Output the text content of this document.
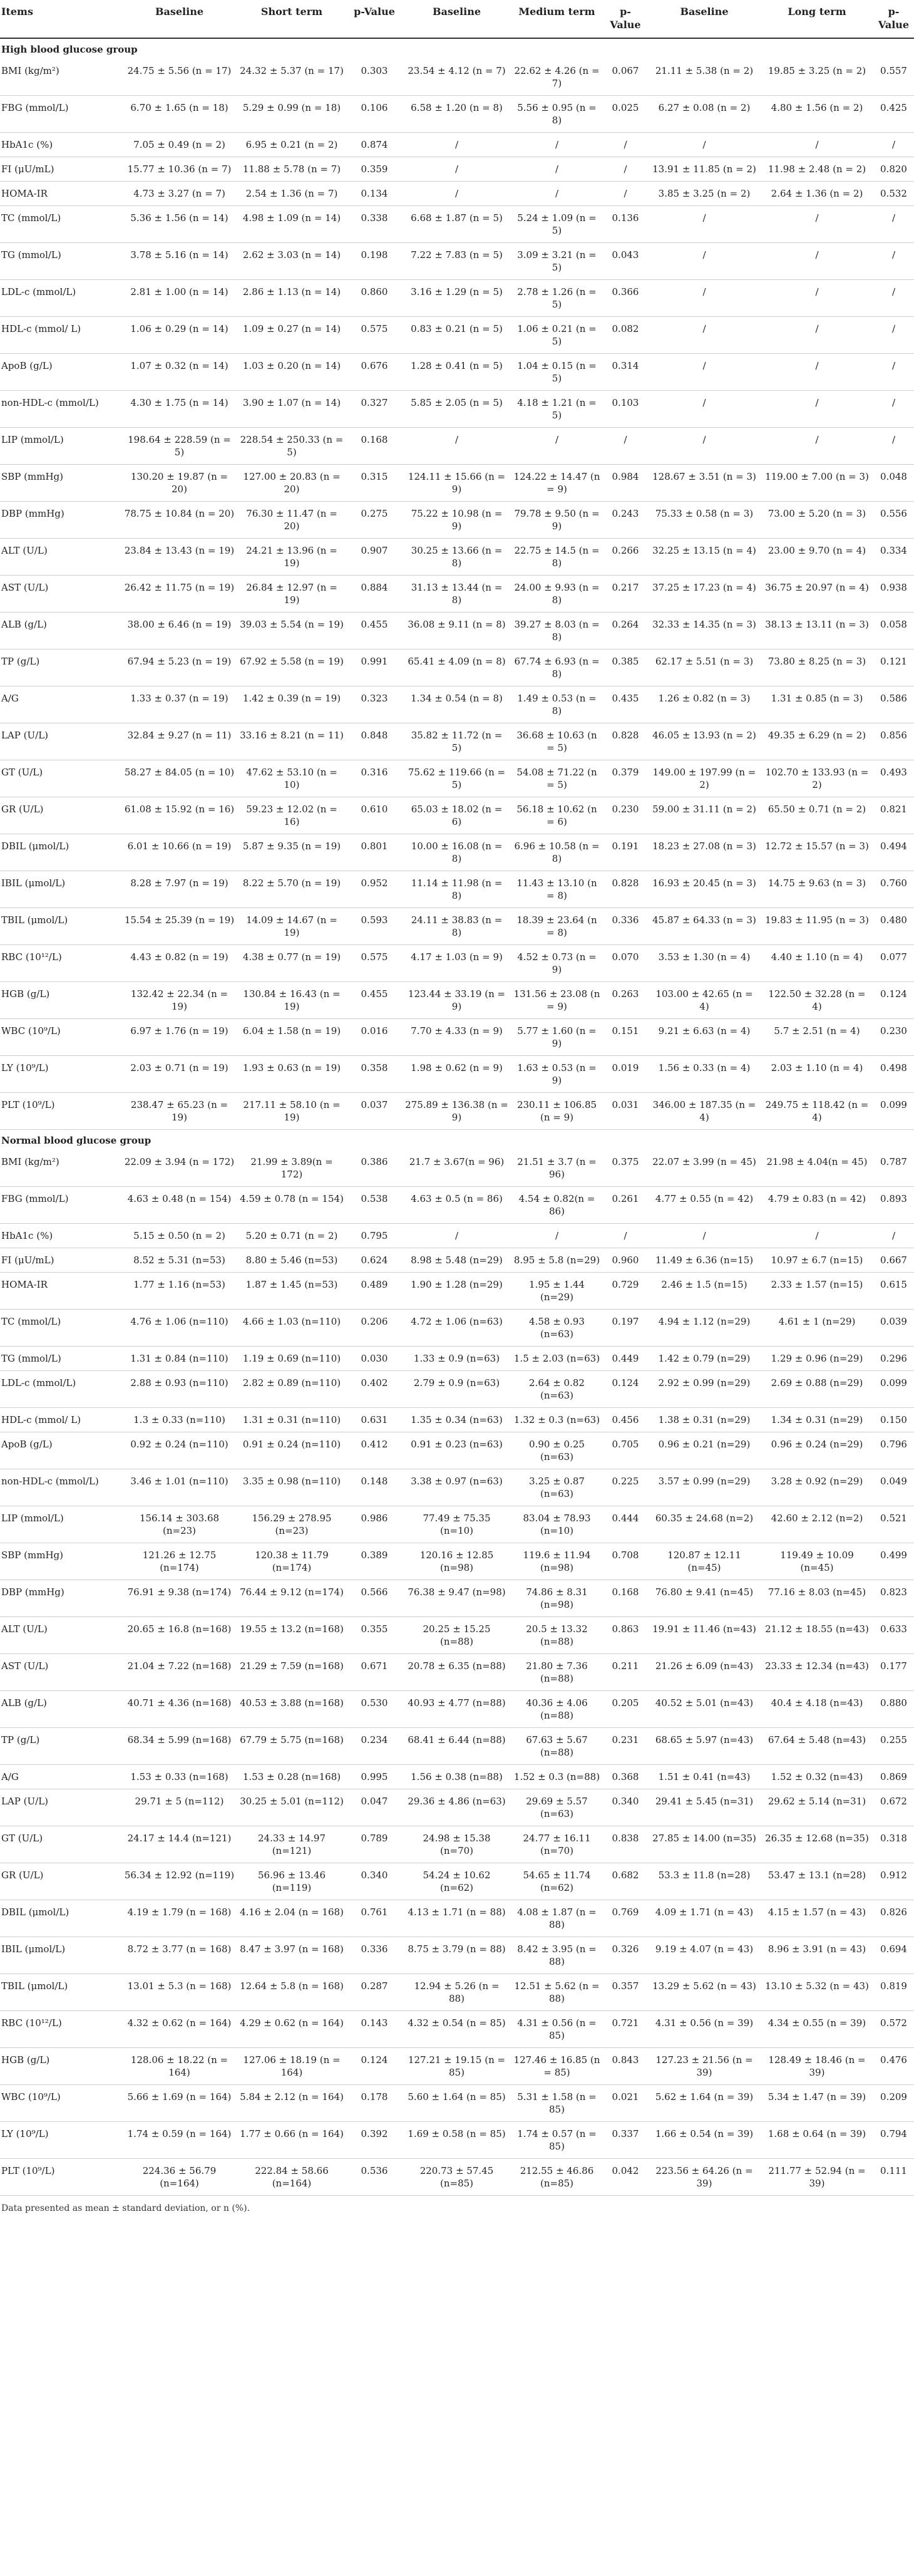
Items	Baseline	Short term	p-Value	Baseline	Medium term	p-Value	Baseline	Long term	p-Value
High blood glucose group									
BMI (kg/m²)	24.75 ± 5.56 (n = 17)	24.32 ± 5.37 (n = 17)	0.303	23.54 ± 4.12 (n = 7)	22.62 ± 4.26 (n = 7)	0.067	21.11 ± 5.38 (n = 2)	19.85 ± 3.25 (n = 2)	0.557
FBG (mmol/L)	6.70 ± 1.65 (n = 18)	5.29 ± 0.99 (n = 18)	0.106	6.58 ± 1.20 (n = 8)	5.56 ± 0.95 (n = 8)	0.025	6.27 ± 0.08 (n = 2)	4.80 ± 1.56 (n = 2)	0.425
HbA1c (%)	7.05 ± 0.49 (n = 2)	6.95 ± 0.21 (n = 2)	0.874	/	/	/	/	/	/
FI (μU/mL)	15.77 ± 10.36 (n = 7)	11.88 ± 5.78 (n = 7)	0.359	/	/	/	13.91 ± 11.85 (n = 2)	11.98 ± 2.48 (n = 2)	0.820
HOMA-IR	4.73 ± 3.27 (n = 7)	2.54 ± 1.36 (n = 7)	0.134	/	/	/	3.85 ± 3.25 (n = 2)	2.64 ± 1.36 (n = 2)	0.532
TC (mmol/L)	5.36 ± 1.56 (n = 14)	4.98 ± 1.09 (n = 14)	0.338	6.68 ± 1.87 (n = 5)	5.24 ± 1.09 (n = 5)	0.136	/	/	/
TG (mmol/L)	3.78 ± 5.16 (n = 14)	2.62 ± 3.03 (n = 14)	0.198	7.22 ± 7.83 (n = 5)	3.09 ± 3.21 (n = 5)	0.043	/	/	/
LDL-c (mmol/L)	2.81 ± 1.00 (n = 14)	2.86 ± 1.13 (n = 14)	0.860	3.16 ± 1.29 (n = 5)	2.78 ± 1.26 (n = 5)	0.366	/	/	/
HDL-c (mmol/ L)	1.06 ± 0.29 (n = 14)	1.09 ± 0.27 (n = 14)	0.575	0.83 ± 0.21 (n = 5)	1.06 ± 0.21 (n = 5)	0.082	/	/	/
ApoB (g/L)	1.07 ± 0.32 (n = 14)	1.03 ± 0.20 (n = 14)	0.676	1.28 ± 0.41 (n = 5)	1.04 ± 0.15 (n = 5)	0.314	/	/	/
non-HDL-c (mmol/L)	4.30 ± 1.75 (n = 14)	3.90 ± 1.07 (n = 14)	0.327	5.85 ± 2.05 (n = 5)	4.18 ± 1.21 (n = 5)	0.103	/	/	/
LIP (mmol/L)	198.64 ± 228.59 (n = 5)	228.54 ± 250.33 (n = 5)	0.168	/	/	/	/	/	/
SBP (mmHg)	130.20 ± 19.87 (n = 20)	127.00 ± 20.83 (n = 20)	0.315	124.11 ± 15.66 (n = 9)	124.22 ± 14.47 (n = 9)	0.984	128.67 ± 3.51 (n = 3)	119.00 ± 7.00 (n = 3)	0.048
DBP (mmHg)	78.75 ± 10.84 (n = 20)	76.30 ± 11.47 (n = 20)	0.275	75.22 ± 10.98 (n = 9)	79.78 ± 9.50 (n = 9)	0.243	75.33 ± 0.58 (n = 3)	73.00 ± 5.20 (n = 3)	0.556
ALT (U/L)	23.84 ± 13.43 (n = 19)	24.21 ± 13.96 (n = 19)	0.907	30.25 ± 13.66 (n = 8)	22.75 ± 14.5 (n = 8)	0.266	32.25 ± 13.15 (n = 4)	23.00 ± 9.70 (n = 4)	0.334
AST (U/L)	26.42 ± 11.75 (n = 19)	26.84 ± 12.97 (n = 19)	0.884	31.13 ± 13.44 (n = 8)	24.00 ± 9.93 (n = 8)	0.217	37.25 ± 17.23 (n = 4)	36.75 ± 20.97 (n = 4)	0.938
ALB (g/L)	38.00 ± 6.46 (n = 19)	39.03 ± 5.54 (n = 19)	0.455	36.08 ± 9.11 (n = 8)	39.27 ± 8.03 (n = 8)	0.264	32.33 ± 14.35 (n = 3)	38.13 ± 13.11 (n = 3)	0.058
TP (g/L)	67.94 ± 5.23 (n = 19)	67.92 ± 5.58 (n = 19)	0.991	65.41 ± 4.09 (n = 8)	67.74 ± 6.93 (n = 8)	0.385	62.17 ± 5.51 (n = 3)	73.80 ± 8.25 (n = 3)	0.121
A/G	1.33 ± 0.37 (n = 19)	1.42 ± 0.39 (n = 19)	0.323	1.34 ± 0.54 (n = 8)	1.49 ± 0.53 (n = 8)	0.435	1.26 ± 0.82 (n = 3)	1.31 ± 0.85 (n = 3)	0.586
LAP (U/L)	32.84 ± 9.27 (n = 11)	33.16 ± 8.21 (n = 11)	0.848	35.82 ± 11.72 (n = 5)	36.68 ± 10.63 (n = 5)	0.828	46.05 ± 13.93 (n = 2)	49.35 ± 6.29 (n = 2)	0.856
GT (U/L)	58.27 ± 84.05 (n = 10)	47.62 ± 53.10 (n = 10)	0.316	75.62 ± 119.66 (n = 5)	54.08 ± 71.22 (n = 5)	0.379	149.00 ± 197.99 (n = 2)	102.70 ± 133.93 (n = 2)	0.493
GR (U/L)	61.08 ± 15.92 (n = 16)	59.23 ± 12.02 (n = 16)	0.610	65.03 ± 18.02 (n = 6)	56.18 ± 10.62 (n = 6)	0.230	59.00 ± 31.11 (n = 2)	65.50 ± 0.71 (n = 2)	0.821
DBIL (μmol/L)	6.01 ± 10.66 (n = 19)	5.87 ± 9.35 (n = 19)	0.801	10.00 ± 16.08 (n = 8)	6.96 ± 10.58 (n = 8)	0.191	18.23 ± 27.08 (n = 3)	12.72 ± 15.57 (n = 3)	0.494
IBIL (μmol/L)	8.28 ± 7.97 (n = 19)	8.22 ± 5.70 (n = 19)	0.952	11.14 ± 11.98 (n = 8)	11.43 ± 13.10 (n = 8)	0.828	16.93 ± 20.45 (n = 3)	14.75 ± 9.63 (n = 3)	0.760
TBIL (μmol/L)	15.54 ± 25.39 (n = 19)	14.09 ± 14.67 (n = 19)	0.593	24.11 ± 38.83 (n = 8)	18.39 ± 23.64 (n = 8)	0.336	45.87 ± 64.33 (n = 3)	19.83 ± 11.95 (n = 3)	0.480
RBC (10¹²/L)	4.43 ± 0.82 (n = 19)	4.38 ± 0.77 (n = 19)	0.575	4.17 ± 1.03 (n = 9)	4.52 ± 0.73 (n = 9)	0.070	3.53 ± 1.30 (n = 4)	4.40 ± 1.10 (n = 4)	0.077
HGB (g/L)	132.42 ± 22.34 (n = 19)	130.84 ± 16.43 (n = 19)	0.455	123.44 ± 33.19 (n = 9)	131.56 ± 23.08 (n = 9)	0.263	103.00 ± 42.65 (n = 4)	122.50 ± 32.28 (n = 4)	0.124
WBC (10⁹/L)	6.97 ± 1.76 (n = 19)	6.04 ± 1.58 (n = 19)	0.016	7.70 ± 4.33 (n = 9)	5.77 ± 1.60 (n = 9)	0.151	9.21 ± 6.63 (n = 4)	5.7 ± 2.51 (n = 4)	0.230
LY (10⁹/L)	2.03 ± 0.71 (n = 19)	1.93 ± 0.63 (n = 19)	0.358	1.98 ± 0.62 (n = 9)	1.63 ± 0.53 (n = 9)	0.019	1.56 ± 0.33 (n = 4)	2.03 ± 1.10 (n = 4)	0.498
PLT (10⁹/L)	238.47 ± 65.23 (n = 19)	217.11 ± 58.10 (n = 19)	0.037	275.89 ± 136.38 (n = 9)	230.11 ± 106.85 (n = 9)	0.031	346.00 ± 187.35 (n = 4)	249.75 ± 118.42 (n = 4)	0.099
Normal blood glucose group									
BMI (kg/m²)	22.09 ± 3.94 (n = 172)	21.99 ± 3.89(n = 172)	0.386	21.7 ± 3.67(n = 96)	21.51 ± 3.7 (n = 96)	0.375	22.07 ± 3.99 (n = 45)	21.98 ± 4.04(n = 45)	0.787
FBG (mmol/L)	4.63 ± 0.48 (n = 154)	4.59 ± 0.78 (n = 154)	0.538	4.63 ± 0.5 (n = 86)	4.54 ± 0.82(n = 86)	0.261	4.77 ± 0.55 (n = 42)	4.79 ± 0.83 (n = 42)	0.893
HbA1c (%)	5.15 ± 0.50 (n = 2)	5.20 ± 0.71 (n = 2)	0.795	/	/	/	/	/	/
FI (μU/mL)	8.52 ± 5.31 (n=53)	8.80 ± 5.46 (n=53)	0.624	8.98 ± 5.48 (n=29)	8.95 ± 5.8 (n=29)	0.960	11.49 ± 6.36 (n=15)	10.97 ± 6.7 (n=15)	0.667
HOMA-IR	1.77 ± 1.16 (n=53)	1.87 ± 1.45 (n=53)	0.489	1.90 ± 1.28 (n=29)	1.95 ± 1.44 (n=29)	0.729	2.46 ± 1.5 (n=15)	2.33 ± 1.57 (n=15)	0.615
TC (mmol/L)	4.76 ± 1.06 (n=110)	4.66 ± 1.03 (n=110)	0.206	4.72 ± 1.06 (n=63)	4.58 ± 0.93 (n=63)	0.197	4.94 ± 1.12 (n=29)	4.61 ± 1 (n=29)	0.039
TG (mmol/L)	1.31 ± 0.84 (n=110)	1.19 ± 0.69 (n=110)	0.030	1.33 ± 0.9 (n=63)	1.5 ± 2.03 (n=63)	0.449	1.42 ± 0.79 (n=29)	1.29 ± 0.96 (n=29)	0.296
LDL-c (mmol/L)	2.88 ± 0.93 (n=110)	2.82 ± 0.89 (n=110)	0.402	2.79 ± 0.9 (n=63)	2.64 ± 0.82 (n=63)	0.124	2.92 ± 0.99 (n=29)	2.69 ± 0.88 (n=29)	0.099
HDL-c (mmol/ L)	1.3 ± 0.33 (n=110)	1.31 ± 0.31 (n=110)	0.631	1.35 ± 0.34 (n=63)	1.32 ± 0.3 (n=63)	0.456	1.38 ± 0.31 (n=29)	1.34 ± 0.31 (n=29)	0.150
ApoB (g/L)	0.92 ± 0.24 (n=110)	0.91 ± 0.24 (n=110)	0.412	0.91 ± 0.23 (n=63)	0.90 ± 0.25 (n=63)	0.705	0.96 ± 0.21 (n=29)	0.96 ± 0.24 (n=29)	0.796
non-HDL-c (mmol/L)	3.46 ± 1.01 (n=110)	3.35 ± 0.98 (n=110)	0.148	3.38 ± 0.97 (n=63)	3.25 ± 0.87 (n=63)	0.225	3.57 ± 0.99 (n=29)	3.28 ± 0.92 (n=29)	0.049
LIP (mmol/L)	156.14 ± 303.68 (n=23)	156.29 ± 278.95 (n=23)	0.986	77.49 ± 75.35 (n=10)	83.04 ± 78.93 (n=10)	0.444	60.35 ± 24.68 (n=2)	42.60 ± 2.12 (n=2)	0.521
SBP (mmHg)	121.26 ± 12.75 (n=174)	120.38 ± 11.79 (n=174)	0.389	120.16 ± 12.85 (n=98)	119.6 ± 11.94 (n=98)	0.708	120.87 ± 12.11 (n=45)	119.49 ± 10.09 (n=45)	0.499
DBP (mmHg)	76.91 ± 9.38 (n=174)	76.44 ± 9.12 (n=174)	0.566	76.38 ± 9.47 (n=98)	74.86 ± 8.31 (n=98)	0.168	76.80 ± 9.41 (n=45)	77.16 ± 8.03 (n=45)	0.823
ALT (U/L)	20.65 ± 16.8 (n=168)	19.55 ± 13.2 (n=168)	0.355	20.25 ± 15.25 (n=88)	20.5 ± 13.32 (n=88)	0.863	19.91 ± 11.46 (n=43)	21.12 ± 18.55 (n=43)	0.633
AST (U/L)	21.04 ± 7.22 (n=168)	21.29 ± 7.59 (n=168)	0.671	20.78 ± 6.35 (n=88)	21.80 ± 7.36 (n=88)	0.211	21.26 ± 6.09 (n=43)	23.33 ± 12.34 (n=43)	0.177
ALB (g/L)	40.71 ± 4.36 (n=168)	40.53 ± 3.88 (n=168)	0.530	40.93 ± 4.77 (n=88)	40.36 ± 4.06 (n=88)	0.205	40.52 ± 5.01 (n=43)	40.4 ± 4.18 (n=43)	0.880
TP (g/L)	68.34 ± 5.99 (n=168)	67.79 ± 5.75 (n=168)	0.234	68.41 ± 6.44 (n=88)	67.63 ± 5.67 (n=88)	0.231	68.65 ± 5.97 (n=43)	67.64 ± 5.48 (n=43)	0.255
A/G	1.53 ± 0.33 (n=168)	1.53 ± 0.28 (n=168)	0.995	1.56 ± 0.38 (n=88)	1.52 ± 0.3 (n=88)	0.368	1.51 ± 0.41 (n=43)	1.52 ± 0.32 (n=43)	0.869
LAP (U/L)	29.71 ± 5 (n=112)	30.25 ± 5.01 (n=112)	0.047	29.36 ± 4.86 (n=63)	29.69 ± 5.57 (n=63)	0.340	29.41 ± 5.45 (n=31)	29.62 ± 5.14 (n=31)	0.672
GT (U/L)	24.17 ± 14.4 (n=121)	24.33 ± 14.97 (n=121)	0.789	24.98 ± 15.38 (n=70)	24.77 ± 16.11 (n=70)	0.838	27.85 ± 14.00 (n=35)	26.35 ± 12.68 (n=35)	0.318
GR (U/L)	56.34 ± 12.92 (n=119)	56.96 ± 13.46 (n=119)	0.340	54.24 ± 10.62 (n=62)	54.65 ± 11.74 (n=62)	0.682	53.3 ± 11.8 (n=28)	53.47 ± 13.1 (n=28)	0.912
DBIL (μmol/L)	4.19 ± 1.79 (n = 168)	4.16 ± 2.04 (n = 168)	0.761	4.13 ± 1.71 (n = 88)	4.08 ± 1.87 (n = 88)	0.769	4.09 ± 1.71 (n = 43)	4.15 ± 1.57 (n = 43)	0.826
IBIL (μmol/L)	8.72 ± 3.77 (n = 168)	8.47 ± 3.97 (n = 168)	0.336	8.75 ± 3.79 (n = 88)	8.42 ± 3.95 (n = 88)	0.326	9.19 ± 4.07 (n = 43)	8.96 ± 3.91 (n = 43)	0.694
TBIL (μmol/L)	13.01 ± 5.3 (n = 168)	12.64 ± 5.8 (n = 168)	0.287	12.94 ± 5.26 (n = 88)	12.51 ± 5.62 (n = 88)	0.357	13.29 ± 5.62 (n = 43)	13.10 ± 5.32 (n = 43)	0.819
RBC (10¹²/L)	4.32 ± 0.62 (n = 164)	4.29 ± 0.62 (n = 164)	0.143	4.32 ± 0.54 (n = 85)	4.31 ± 0.56 (n = 85)	0.721	4.31 ± 0.56 (n = 39)	4.34 ± 0.55 (n = 39)	0.572
HGB (g/L)	128.06 ± 18.22 (n = 164)	127.06 ± 18.19 (n = 164)	0.124	127.21 ± 19.15 (n = 85)	127.46 ± 16.85 (n = 85)	0.843	127.23 ± 21.56 (n = 39)	128.49 ± 18.46 (n = 39)	0.476
WBC (10⁹/L)	5.66 ± 1.69 (n = 164)	5.84 ± 2.12 (n = 164)	0.178	5.60 ± 1.64 (n = 85)	5.31 ± 1.58 (n = 85)	0.021	5.62 ± 1.64 (n = 39)	5.34 ± 1.47 (n = 39)	0.209
LY (10⁹/L)	1.74 ± 0.59 (n = 164)	1.77 ± 0.66 (n = 164)	0.392	1.69 ± 0.58 (n = 85)	1.74 ± 0.57 (n = 85)	0.337	1.66 ± 0.54 (n = 39)	1.68 ± 0.64 (n = 39)	0.794
PLT (10⁹/L)	224.36 ± 56.79 (n=164)	222.84 ± 58.66 (n=164)	0.536	220.73 ± 57.45 (n=85)	212.55 ± 46.86 (n=85)	0.042	223.56 ± 64.26 (n = 39)	211.77 ± 52.94 (n = 39)	0.111
Data presented as mean ± standard deviation, or n (%).
